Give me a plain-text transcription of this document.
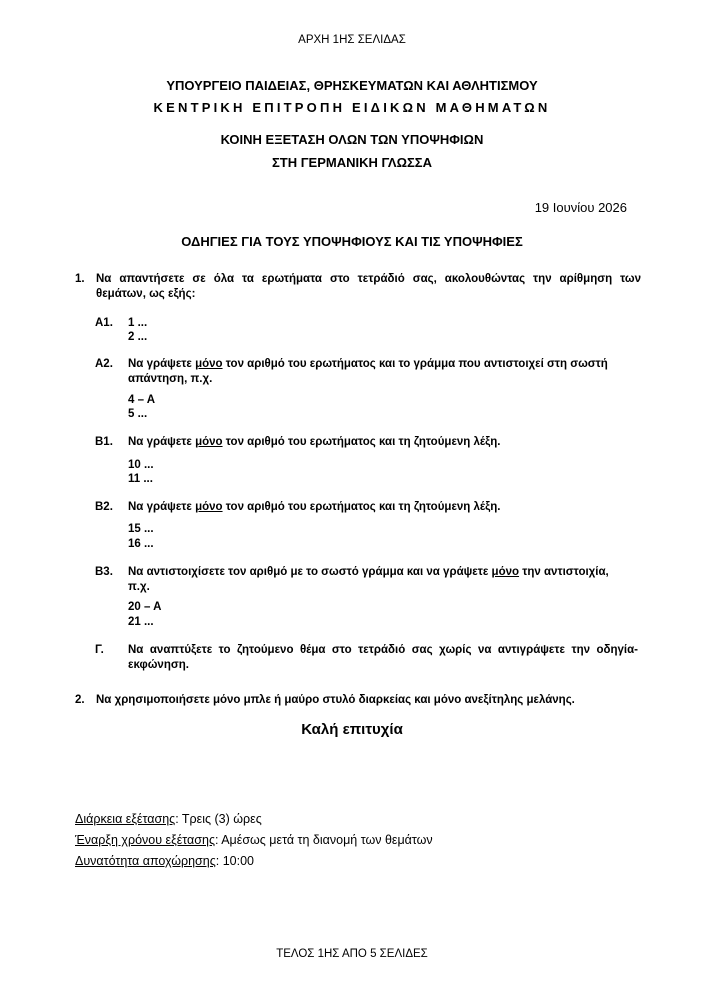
ΑΡΧΗ 1ΗΣ ΣΕΛΙΔΑΣ
ΥΠΟΥΡΓΕΙΟ ΠΑΙΔΕΙΑΣ, ΘΡΗΣΚΕΥΜΑΤΩΝ ΚΑΙ ΑΘΛΗΤΙΣΜΟΥ
ΚΕΝΤΡΙΚΗ ΕΠΙΤΡΟΠΗ ΕΙΔΙΚΩΝ ΜΑΘΗΜΑΤΩΝ
ΚΟΙΝΗ ΕΞΕΤΑΣΗ ΟΛΩΝ ΤΩΝ ΥΠΟΨΗΦΙΩΝ
ΣΤΗ ΓΕΡΜΑΝΙΚΗ ΓΛΩΣΣΑ
19 Ιουνίου 2026
ΟΔΗΓΙΕΣ ΓΙΑ ΤΟΥΣ ΥΠΟΨΗΦΙΟΥΣ ΚΑΙ ΤΙΣ ΥΠΟΨΗΦΙΕΣ
1. Να απαντήσετε σε όλα τα ερωτήματα στο τετράδιό σας, ακολουθώντας την αρίθμηση των
θεμάτων, ως εξής:
Α1. 1 ...
2 ...
Α2. Να γράψετε μόνο τον αριθμό του ερωτήματος και το γράμμα που αντιστοιχεί στη σωστή
απάντηση, π.χ.
4 – Α
5 ...
Β1. Να γράψετε μόνο τον αριθμό του ερωτήματος και τη ζητούμενη λέξη.
10 ...
11 ...
Β2. Να γράψετε μόνο τον αριθμό του ερωτήματος και τη ζητούμενη λέξη.
15 ...
16 ...
Β3. Να αντιστοιχίσετε τον αριθμό με το σωστό γράμμα και να γράψετε μόνο την αντιστοιχία,
π.χ.
20 – Α
21 ...
Γ. Να αναπτύξετε το ζητούμενο θέμα στο τετράδιό σας χωρίς να αντιγράψετε την οδηγία-
εκφώνηση.
2. Να χρησιμοποιήσετε μόνο μπλε ή μαύρο στυλό διαρκείας και μόνο ανεξίτηλης μελάνης.
Καλή επιτυχία
Διάρκεια εξέτασης: Τρεις (3) ώρες
Έναρξη χρόνου εξέτασης: Αμέσως μετά τη διανομή των θεμάτων
Δυνατότητα αποχώρησης: 10:00
ΤΕΛΟΣ 1ΗΣ ΑΠΟ 5 ΣΕΛΙΔΕΣ
